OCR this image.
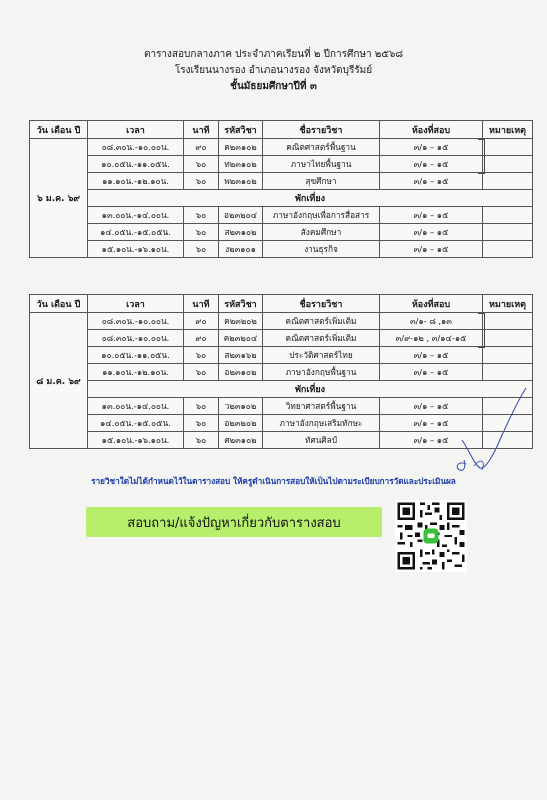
ตารางสอบกลางภาค ประจำภาคเรียนที่ ๒ ปีการศึกษา ๒๕๖๘
โรงเรียนนางรอง อำเภอนางรอง จังหวัดบุรีรัมย์
ชั้นมัธยมศึกษาปีที่ ๓
วัน เดือน ปี	เวลา	นาที	รหัสวิชา	ชื่อรายวิชา	ห้องที่สอบ	หมายเหตุ
๖ ม.ค. ๖๙	๐๘.๓๐น.-๑๐.๐๐น.	๙๐	ค๒๓๑๐๒	คณิตศาสตร์พื้นฐาน	๓/๑ – ๑๕	
	๑๐.๐๕น.-๑๑.๐๕น.	๖๐	ท๒๓๑๐๒	ภาษาไทยพื้นฐาน	๓/๑ – ๑๕	
	๑๑.๑๐น.-๑๒.๑๐น.	๖๐	พ๒๓๑๐๒	สุขศึกษา	๓/๑ – ๑๕	
	พักเที่ยง					
	๑๓.๐๐น.-๑๔.๐๐น.	๖๐	อ๒๓๒๐๔	ภาษาอังกฤษเพื่อการสื่อสาร	๓/๑ – ๑๕	
	๑๔.๐๕น.-๑๕.๐๕น.	๖๐	ส๒๓๑๐๒	สังคมศึกษา	๓/๑ – ๑๕	
	๑๕.๑๐น.-๑๖.๑๐น.	๖๐	ง๒๓๑๐๑	งานธุรกิจ	๓/๑ – ๑๕	
วัน เดือน ปี	เวลา	นาที	รหัสวิชา	ชื่อรายวิชา	ห้องที่สอบ	หมายเหตุ
๘ ม.ค. ๖๙	๐๘.๓๐น.-๑๐.๐๐น.	๙๐	ค๒๓๒๐๒	คณิตศาสตร์เพิ่มเติม	๓/๑- ๘ ,๑๓	
	๐๘.๓๐น.-๑๐.๐๐น.	๙๐	ค๒๓๒๐๔	คณิตศาสตร์เพิ่มเติม	๓/๙-๑๒ , ๓/๑๔-๑๕	
	๑๐.๐๕น.-๑๑.๐๕น.	๖๐	ส๒๓๑๖๒	ประวัติศาสตร์ไทย	๓/๑ – ๑๕	
	๑๑.๑๐น.-๑๒.๑๐น.	๖๐	อ๒๓๑๐๒	ภาษาอังกฤษพื้นฐาน	๓/๑ – ๑๕	
	พักเที่ยง					
	๑๓.๐๐น.-๑๔.๐๐น.	๖๐	ว๒๓๑๐๒	วิทยาศาสตร์พื้นฐาน	๓/๑ – ๑๕	
	๑๔.๐๕น.-๑๕.๐๕น.	๖๐	อ๒๓๒๐๒	ภาษาอังกฤษเสริมทักษะ	๓/๑ – ๑๕	
	๑๕.๑๐น.-๑๖.๑๐น.	๖๐	ศ๒๓๑๐๒	ทัศนศิลป์	๓/๑ – ๑๕	
รายวิชาใดไม่ได้กำหนดไว้ในตารางสอบ ให้ครูดำเนินการสอบให้เป็นไปตามระเบียบการวัดและประเมินผล
สอบถาม/แจ้งปัญหาเกี่ยวกับตารางสอบ
